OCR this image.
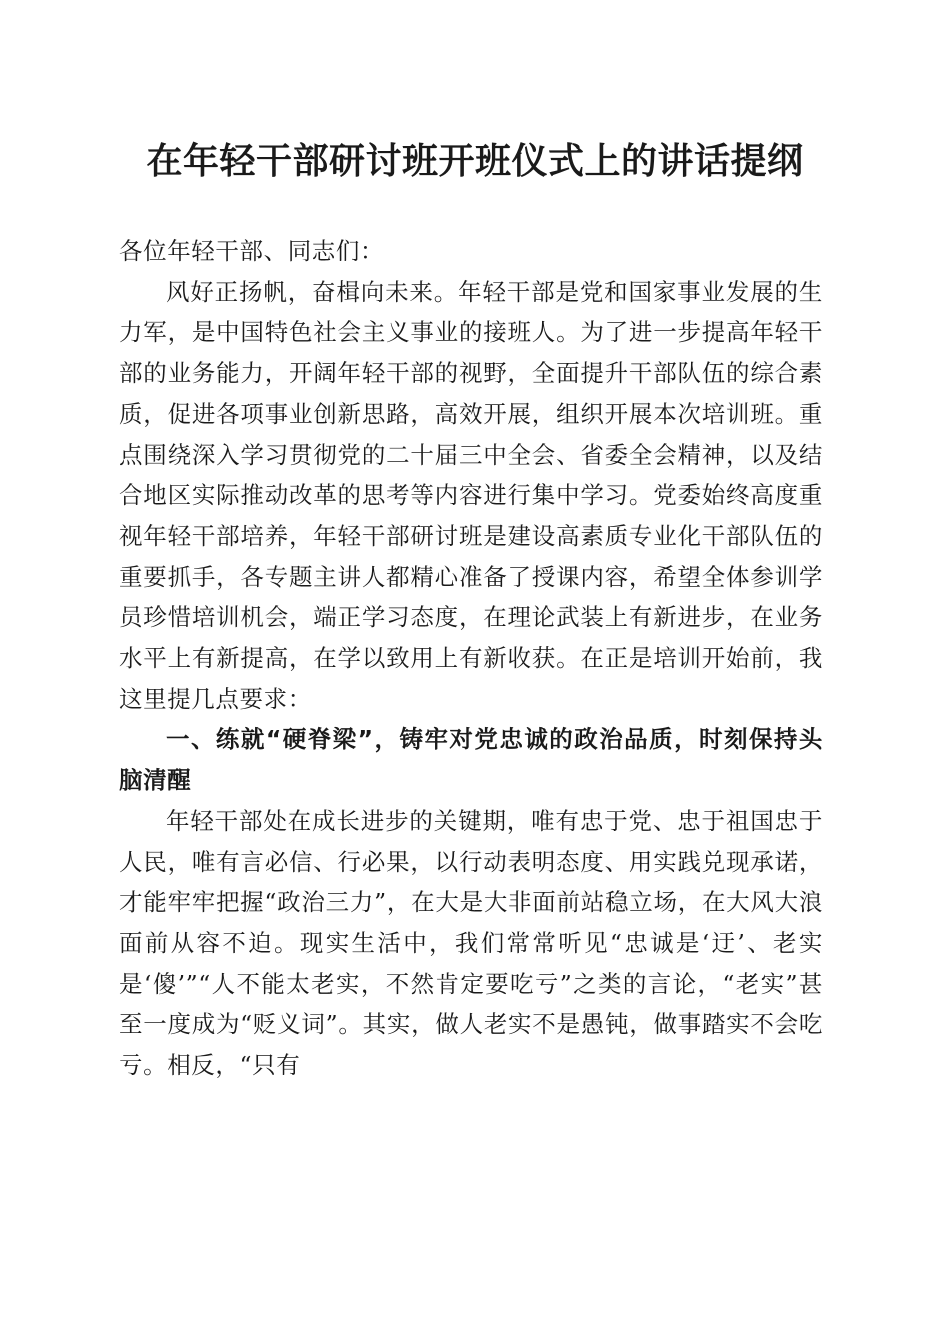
在年轻干部研讨班开班仪式上的讲话提纲

各位年轻干部、同志们：

风好正扬帆，奋楫向未来。年轻干部是党和国家事业发展的生力军，是中国特色社会主义事业的接班人。为了进一步提高年轻干部的业务能力，开阔年轻干部的视野，全面提升干部队伍的综合素质，促进各项事业创新思路，高效开展，组织开展本次培训班。重点围绕深入学习贯彻党的二十届三中全会、省委全会精神，以及结合地区实际推动改革的思考等内容进行集中学习。党委始终高度重视年轻干部培养，年轻干部研讨班是建设高素质专业化干部队伍的重要抓手，各专题主讲人都精心准备了授课内容，希望全体参训学员珍惜培训机会，端正学习态度，在理论武装上有新进步，在业务水平上有新提高，在学以致用上有新收获。在正是培训开始前，我这里提几点要求：

一、练就“硬脊梁”，铸牢对党忠诚的政治品质，时刻保持头脑清醒

年轻干部处在成长进步的关键期，唯有忠于党、忠于祖国忠于人民，唯有言必信、行必果，以行动表明态度、用实践兑现承诺，才能牢牢把握“政治三力”，在大是大非面前站稳立场，在大风大浪面前从容不迫。现实生活中，我们常常听见“忠诚是‘迂’、老实是‘傻’”“人不能太老实，不然肯定要吃亏”之类的言论，“老实”甚至一度成为“贬义词”。其实，做人老实不是愚钝，做事踏实不会吃亏。相反，“只有
